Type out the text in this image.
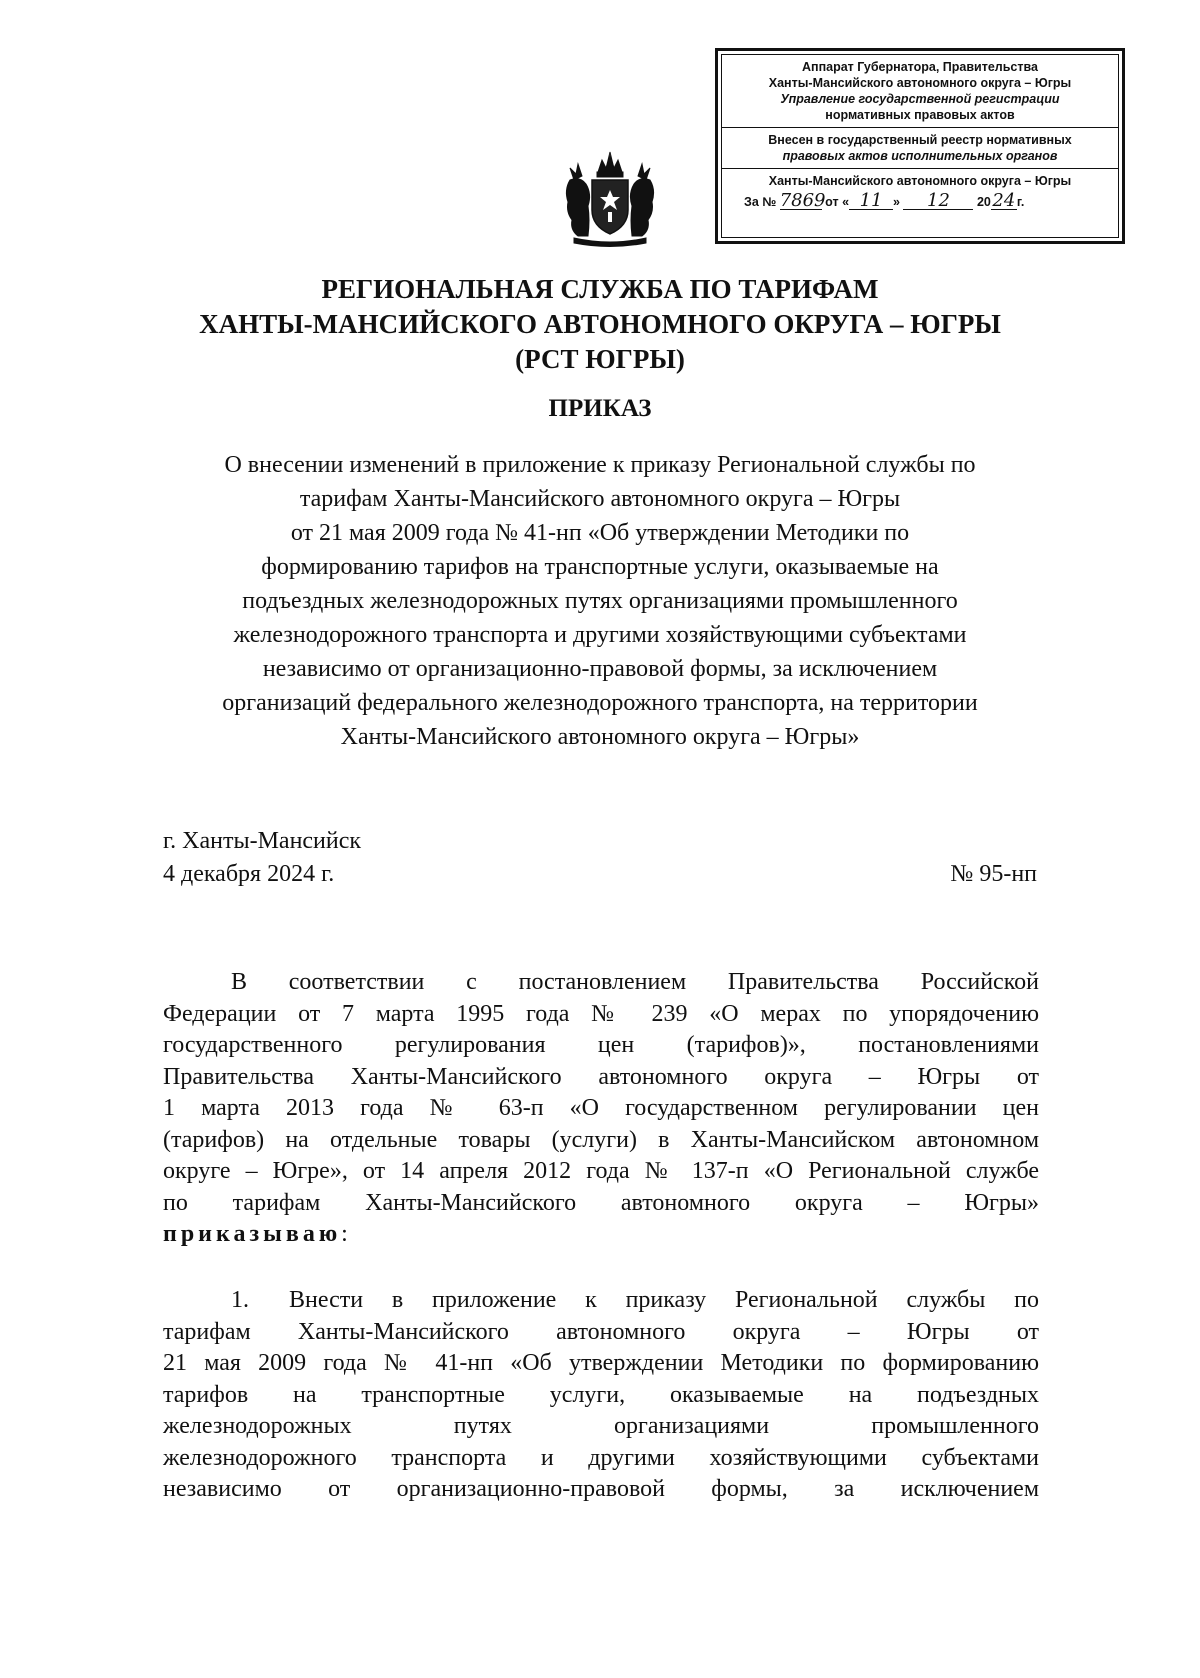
Аппарат Губернатора, Правительства
Ханты-Мансийского автономного округа – Югры
Управление государственной регистрации
нормативных правовых актов
Внесен в государственный реестр нормативных
правовых актов исполнительных органов
Ханты-Мансийского автономного округа – Югры
За № 7869 от « 11 » 12 2024 г.
РЕГИОНАЛЬНАЯ СЛУЖБА ПО ТАРИФАМ
ХАНТЫ-МАНСИЙСКОГО АВТОНОМНОГО ОКРУГА – ЮГРЫ
(РСТ ЮГРЫ)
ПРИКАЗ
О внесении изменений в приложение к приказу Региональной службы по
тарифам Ханты-Мансийского автономного округа – Югры
от 21 мая 2009 года № 41-нп «Об утверждении Методики по
формированию тарифов на транспортные услуги, оказываемые на
подъездных железнодорожных путях организациями промышленного
железнодорожного транспорта и другими хозяйствующими субъектами
независимо от организационно-правовой формы, за исключением
организаций федерального железнодорожного транспорта, на территории
Ханты-Мансийского автономного округа – Югры»
г. Ханты-Мансийск
4 декабря 2024 г.	№ 95-нп
В соответствии с постановлением Правительства Российской
Федерации от 7 марта 1995 года № 239 «О мерах по упорядочению
государственного регулирования цен (тарифов)», постановлениями
Правительства Ханты-Мансийского автономного округа – Югры от
1 марта 2013 года № 63-п «О государственном регулировании цен
(тарифов) на отдельные товары (услуги) в Ханты-Мансийском автономном
округе – Югре», от 14 апреля 2012 года № 137-п «О Региональной службе
по тарифам Ханты-Мансийского автономного округа – Югры»
приказываю:
1. Внести в приложение к приказу Региональной службы по
тарифам Ханты-Мансийского автономного округа – Югры от
21 мая 2009 года № 41-нп «Об утверждении Методики по формированию
тарифов на транспортные услуги, оказываемые на подъездных
железнодорожных путях организациями промышленного
железнодорожного транспорта и другими хозяйствующими субъектами
независимо от организационно-правовой формы, за исключением
